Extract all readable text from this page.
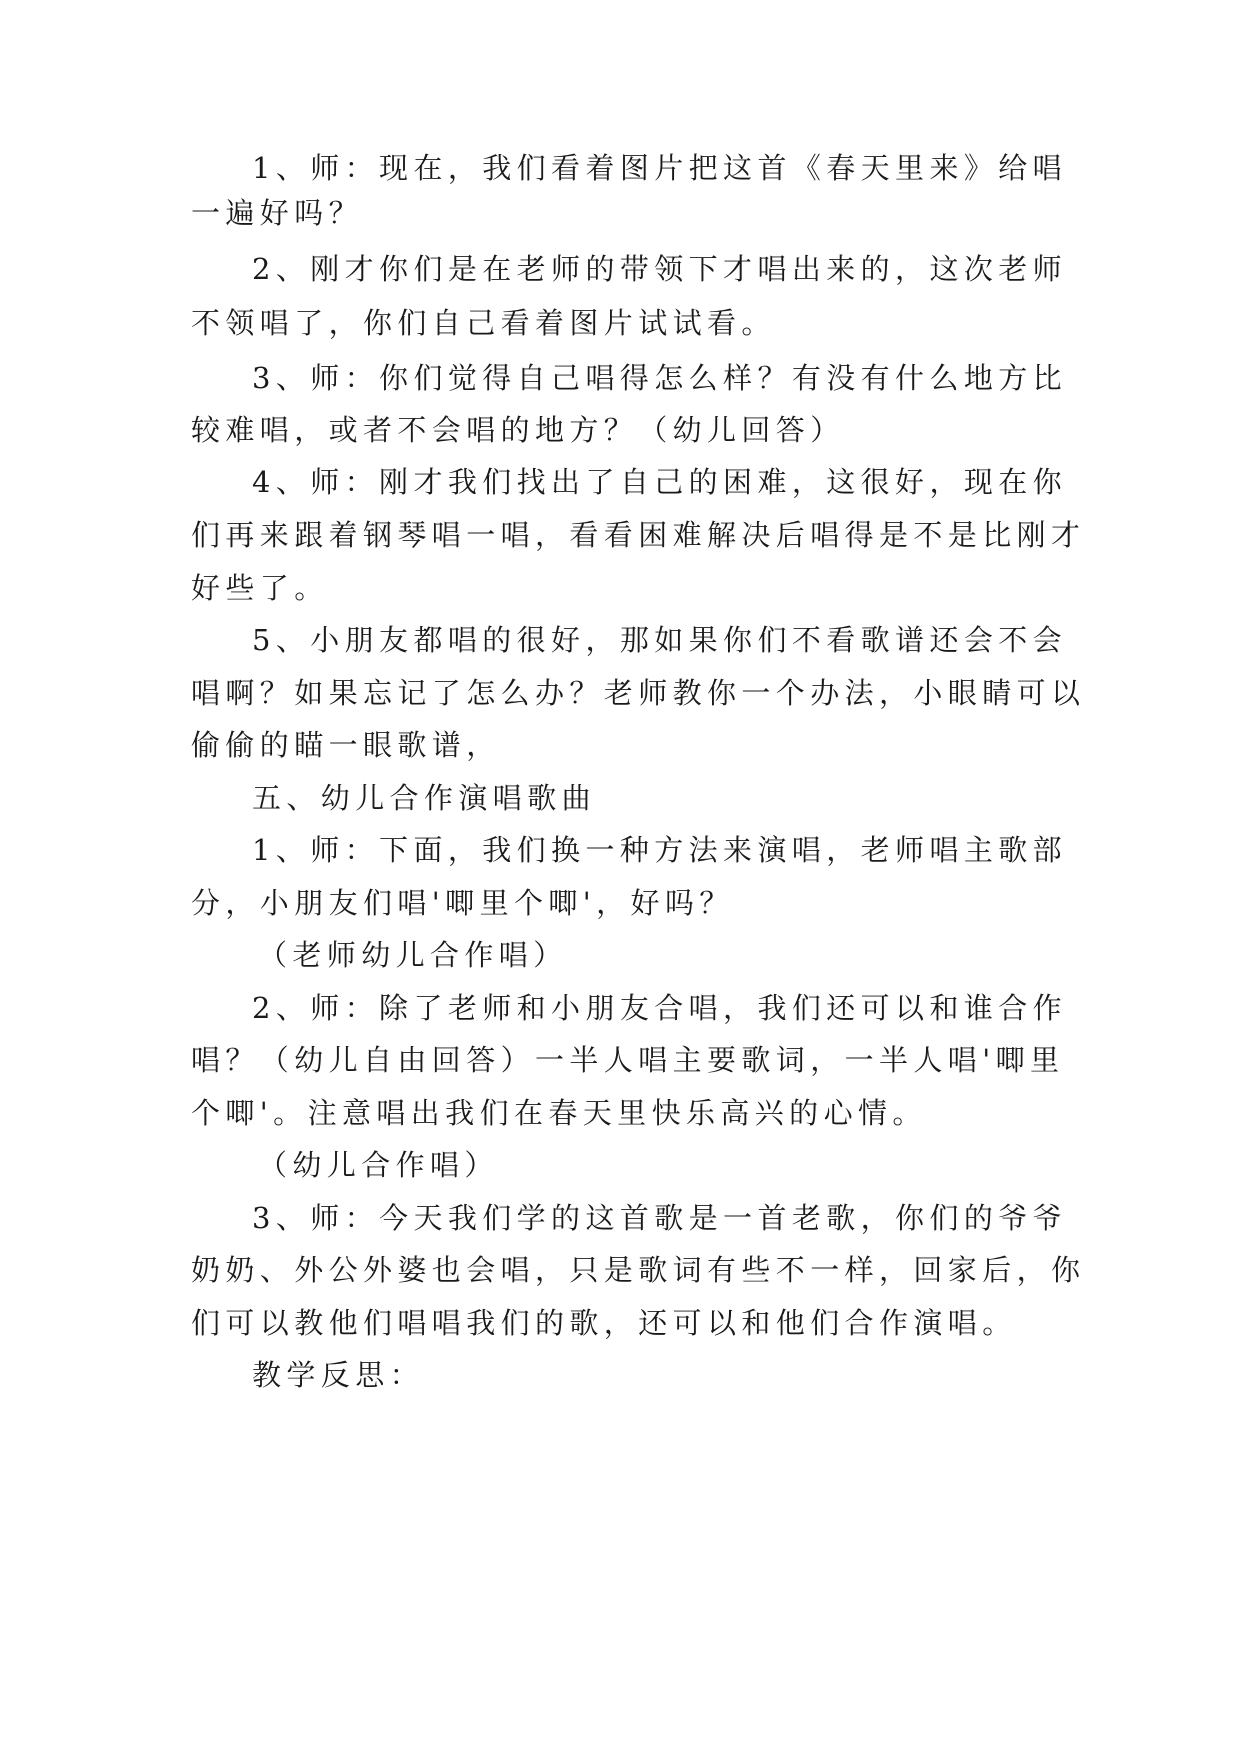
1、师：现在，我们看着图片把这首《春天里来》给唱
一遍好吗？
2、刚才你们是在老师的带领下才唱出来的，这次老师
不领唱了，你们自己看着图片试试看。
3、师：你们觉得自己唱得怎么样？有没有什么地方比
较难唱，或者不会唱的地方？（幼儿回答）
4、师：刚才我们找出了自己的困难，这很好，现在你
们再来跟着钢琴唱一唱，看看困难解决后唱得是不是比刚才
好些了。
5、小朋友都唱的很好，那如果你们不看歌谱还会不会
唱啊？如果忘记了怎么办？老师教你一个办法，小眼睛可以
偷偷的瞄一眼歌谱，
五、幼儿合作演唱歌曲
1、师：下面，我们换一种方法来演唱，老师唱主歌部
分，小朋友们唱'唧里个唧'，好吗？
（老师幼儿合作唱）
2、师：除了老师和小朋友合唱，我们还可以和谁合作
唱？（幼儿自由回答）一半人唱主要歌词，一半人唱'唧里
个唧'。注意唱出我们在春天里快乐高兴的心情。
（幼儿合作唱）
3、师：今天我们学的这首歌是一首老歌，你们的爷爷
奶奶、外公外婆也会唱，只是歌词有些不一样，回家后，你
们可以教他们唱唱我们的歌，还可以和他们合作演唱。
教学反思：
